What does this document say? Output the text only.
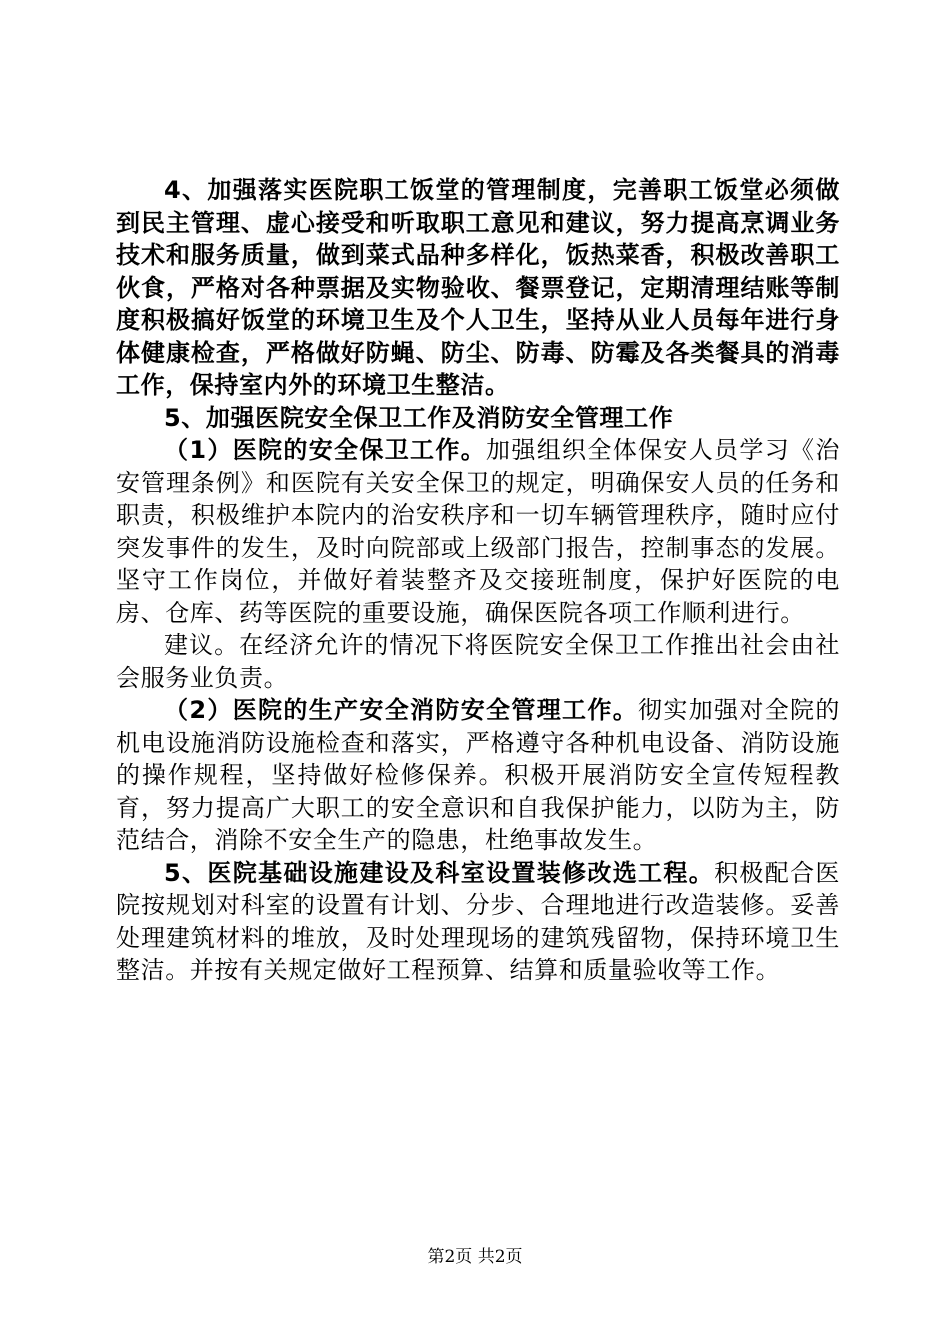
4、加强落实医院职工饭堂的管理制度，完善职工饭堂必须做到民主管理、虚心接受和听取职工意见和建议，努力提高烹调业务技术和服务质量，做到菜式品种多样化，饭热菜香，积极改善职工伙食，严格对各种票据及实物验收、餐票登记，定期清理结账等制度积极搞好饭堂的环境卫生及个人卫生，坚持从业人员每年进行身体健康检查，严格做好防蝇、防尘、防毒、防霉及各类餐具的消毒工作，保持室内外的环境卫生整洁。

5、加强医院安全保卫工作及消防安全管理工作

（1）医院的安全保卫工作。加强组织全体保安人员学习《治安管理条例》和医院有关安全保卫的规定，明确保安人员的任务和职责，积极维护本院内的治安秩序和一切车辆管理秩序，随时应付突发事件的发生，及时向院部或上级部门报告，控制事态的发展。坚守工作岗位，并做好着装整齐及交接班制度，保护好医院的电房、仓库、药等医院的重要设施，确保医院各项工作顺利进行。

建议。在经济允许的情况下将医院安全保卫工作推出社会由社会服务业负责。

（2）医院的生产安全消防安全管理工作。彻实加强对全院的机电设施消防设施检查和落实，严格遵守各种机电设备、消防设施的操作规程，坚持做好检修保养。积极开展消防安全宣传短程教育，努力提高广大职工的安全意识和自我保护能力，以防为主，防范结合，消除不安全生产的隐患，杜绝事故发生。

5、医院基础设施建设及科室设置装修改选工程。积极配合医院按规划对科室的设置有计划、分步、合理地进行改造装修。妥善处理建筑材料的堆放，及时处理现场的建筑残留物，保持环境卫生整洁。并按有关规定做好工程预算、结算和质量验收等工作。

第2页 共2页
